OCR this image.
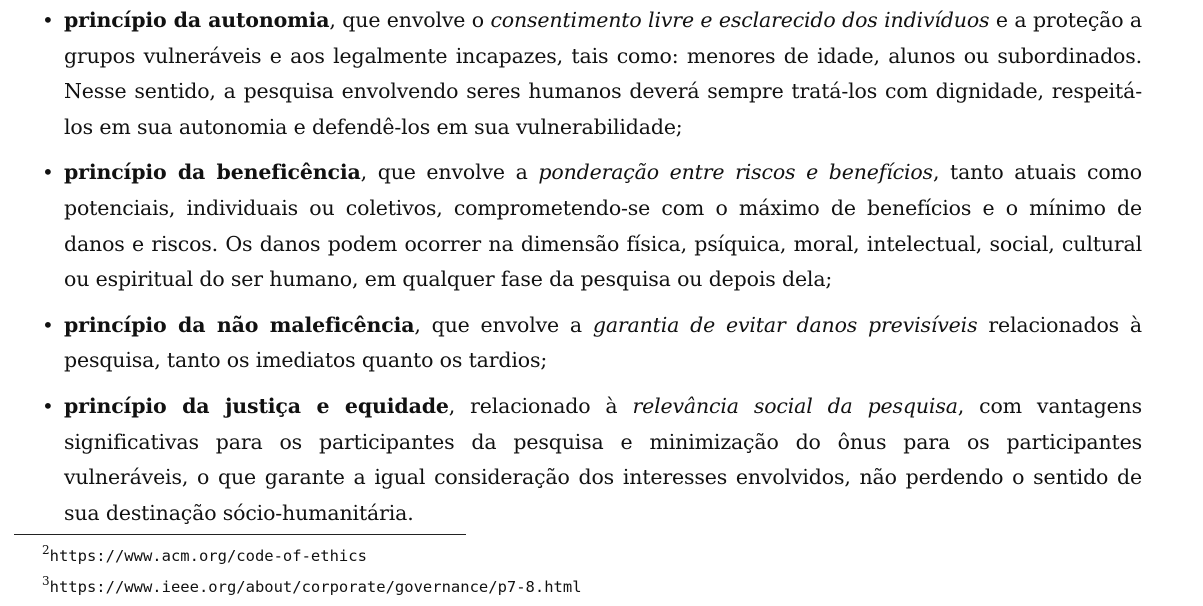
• princípio da autonomia, que envolve o consentimento livre e esclarecido dos indivíduos e a proteção a grupos vulneráveis e aos legalmente incapazes, tais como: menores de idade, alunos ou subordinados. Nesse sentido, a pesquisa envolvendo seres humanos deverá sempre tratá-los com dignidade, respeitá-los em sua autonomia e defendê-los em sua vulnerabilidade;
• princípio da beneficência, que envolve a ponderação entre riscos e benefícios, tanto atuais como potenciais, individuais ou coletivos, comprometendo-se com o máximo de benefícios e o mínimo de danos e riscos. Os danos podem ocorrer na dimensão física, psíquica, moral, intelectual, social, cultural ou espiritual do ser humano, em qualquer fase da pesquisa ou depois dela;
• princípio da não maleficência, que envolve a garantia de evitar danos previsíveis relacionados à pesquisa, tanto os imediatos quanto os tardios;
• princípio da justiça e equidade, relacionado à relevância social da pesquisa, com vantagens significativas para os participantes da pesquisa e minimização do ônus para os participantes vulneráveis, o que garante a igual consideração dos interesses envolvidos, não perdendo o sentido de sua destinação sócio-humanitária.
$^2$https://www.acm.org/code-of-ethics
$^3$https://www.ieee.org/about/corporate/governance/p7-8.html
